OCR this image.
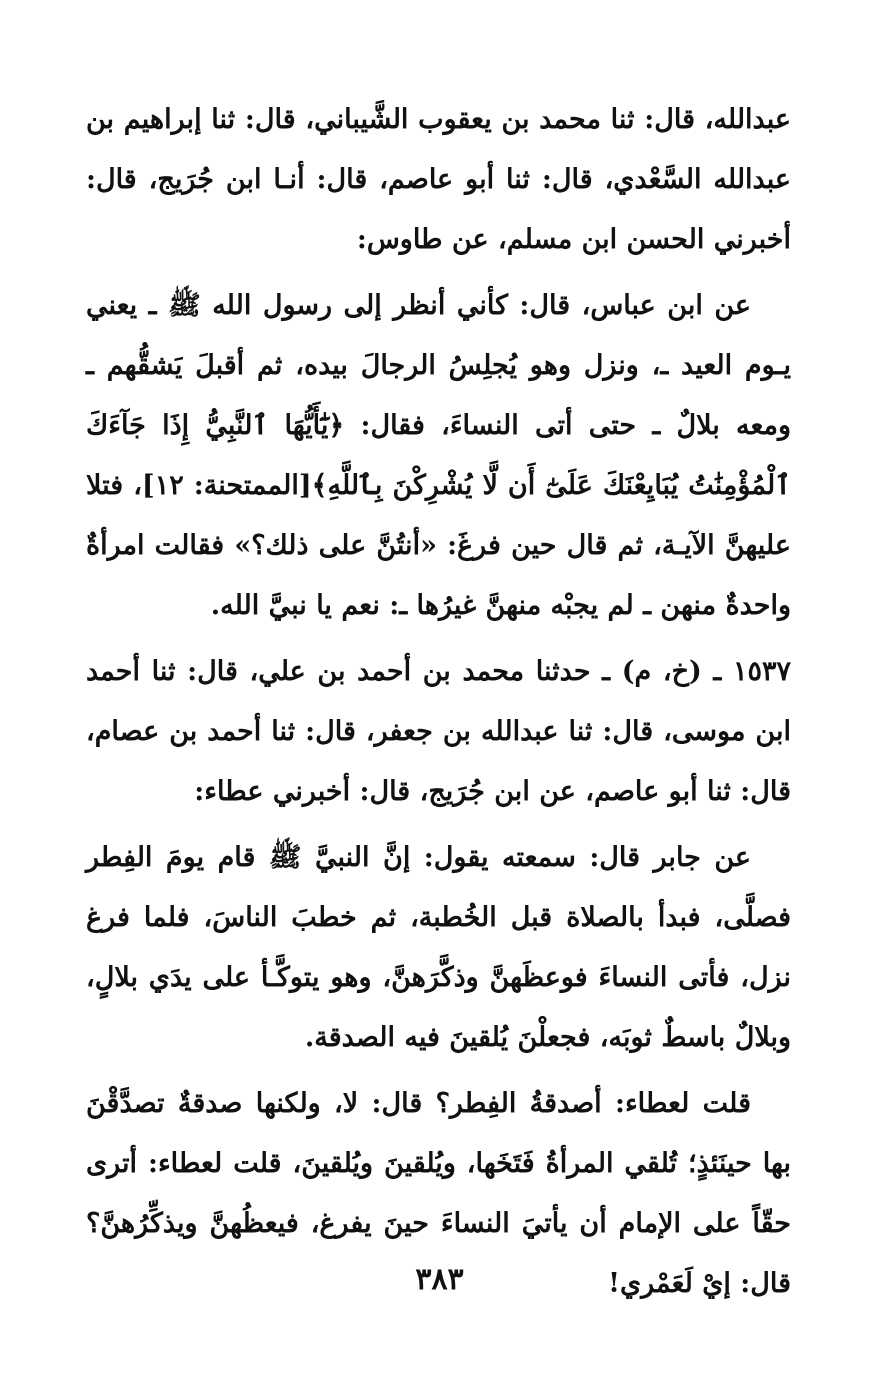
عبدالله، قال: ثنا محمد بن يعقوب الشَّيباني، قال: ثنا إبراهيم بن عبدالله السَّعْدي، قال: ثنا أبو عاصم، قال: أنـا ابن جُرَيج، قال: أخبرني الحسن ابن مسلم، عن طاوس:

عن ابن عباس، قال: كأني أنظر إلى رسول الله ﷺ ـ يعني يـوم العيد ـ، ونزل وهو يُجلِسُ الرجالَ بيده، ثم أقبلَ يَشقُّهم ـ ومعه بلالٌ ـ حتى أتى النساءَ، فقال: ﴿يَٰٓأَيُّهَا ٱلنَّبِيُّ إِذَا جَآءَكَ ٱلْمُؤْمِنَٰتُ يُبَايِعْنَكَ عَلَىٰٓ أَن لَّا يُشْرِكْنَ بِٱللَّهِ﴾[الممتحنة: ١٢]، فتلا عليهنَّ الآيـة، ثم قال حين فرغَ: «أنتُنَّ على ذلك؟» فقالت امرأةٌ واحدةٌ منهن ـ لم يجبْه منهنَّ غيرُها ـ: نعم يا نبيَّ الله.

١٥٣٧ ـ (خ، م) ـ حدثنا محمد بن أحمد بن علي، قال: ثنا أحمد ابن موسى، قال: ثنا عبدالله بن جعفر، قال: ثنا أحمد بن عصام، قال: ثنا أبو عاصم، عن ابن جُرَيج، قال: أخبرني عطاء:

عن جابر قال: سمعته يقول: إنَّ النبيَّ ﷺ قام يومَ الفِطر فصلَّى، فبدأ بالصلاة قبل الخُطبة، ثم خطبَ الناسَ، فلما فرغ نزل، فأتى النساءَ فوعظَهنَّ وذكَّرَهنَّ، وهو يتوكَّـأ على يدَي بلالٍ، وبلالٌ باسطٌ ثوبَه، فجعلْنَ يُلقينَ فيه الصدقة.

قلت لعطاء: أصدقةُ الفِطر؟ قال: لا، ولكنها صدقةٌ تصدَّقْنَ بها حينَئذٍ؛ تُلقي المرأةُ فَتَخَها، ويُلقينَ ويُلقينَ، قلت لعطاء: أترى حقّاً على الإمام أن يأتيَ النساءَ حينَ يفرغ، فيعظُهنَّ ويذكِّرُهنَّ؟ قال: إيْ لَعَمْري!

٣٨٣
